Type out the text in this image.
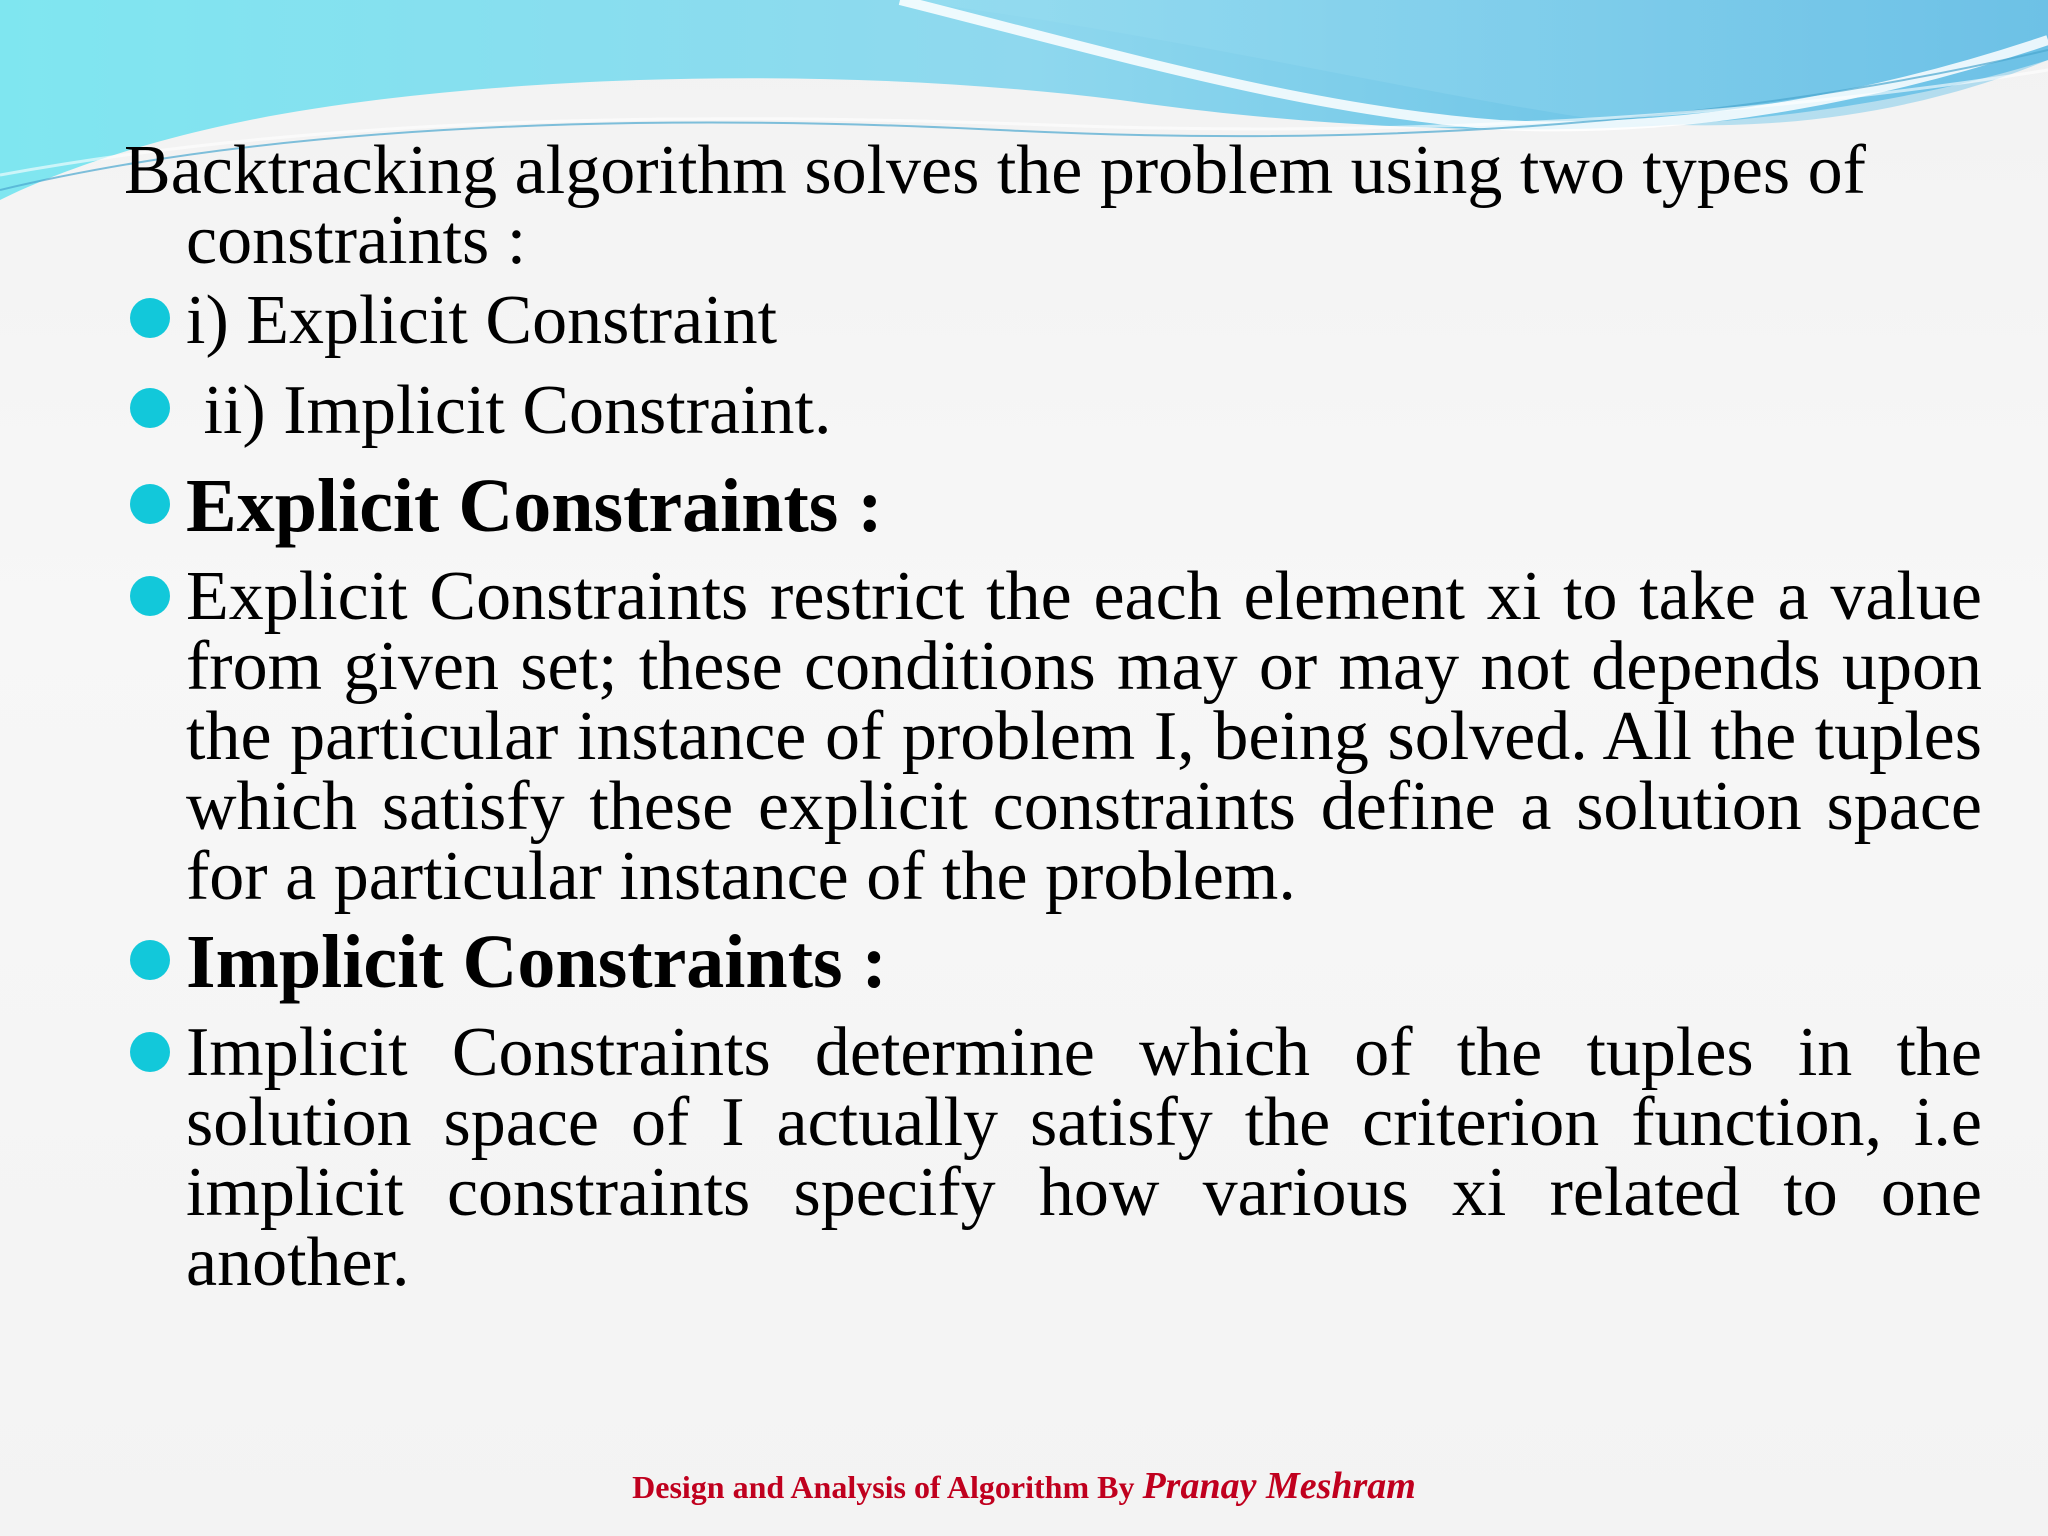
Backtracking algorithm solves the problem using two types of constraints :

i) Explicit Constraint
ii) Implicit Constraint.
Explicit Constraints :
Explicit Constraints restrict the each element xi to take a value from given set; these conditions may or may not depends upon the particular instance of problem I, being solved. All the tuples which satisfy these explicit constraints define a solution space for a particular instance of the problem.
Implicit Constraints :
Implicit Constraints determine which of the tuples in the solution space of I actually satisfy the criterion function, i.e implicit constraints specify how various xi related to one another.
Design and Analysis of Algorithm By Pranay Meshram
